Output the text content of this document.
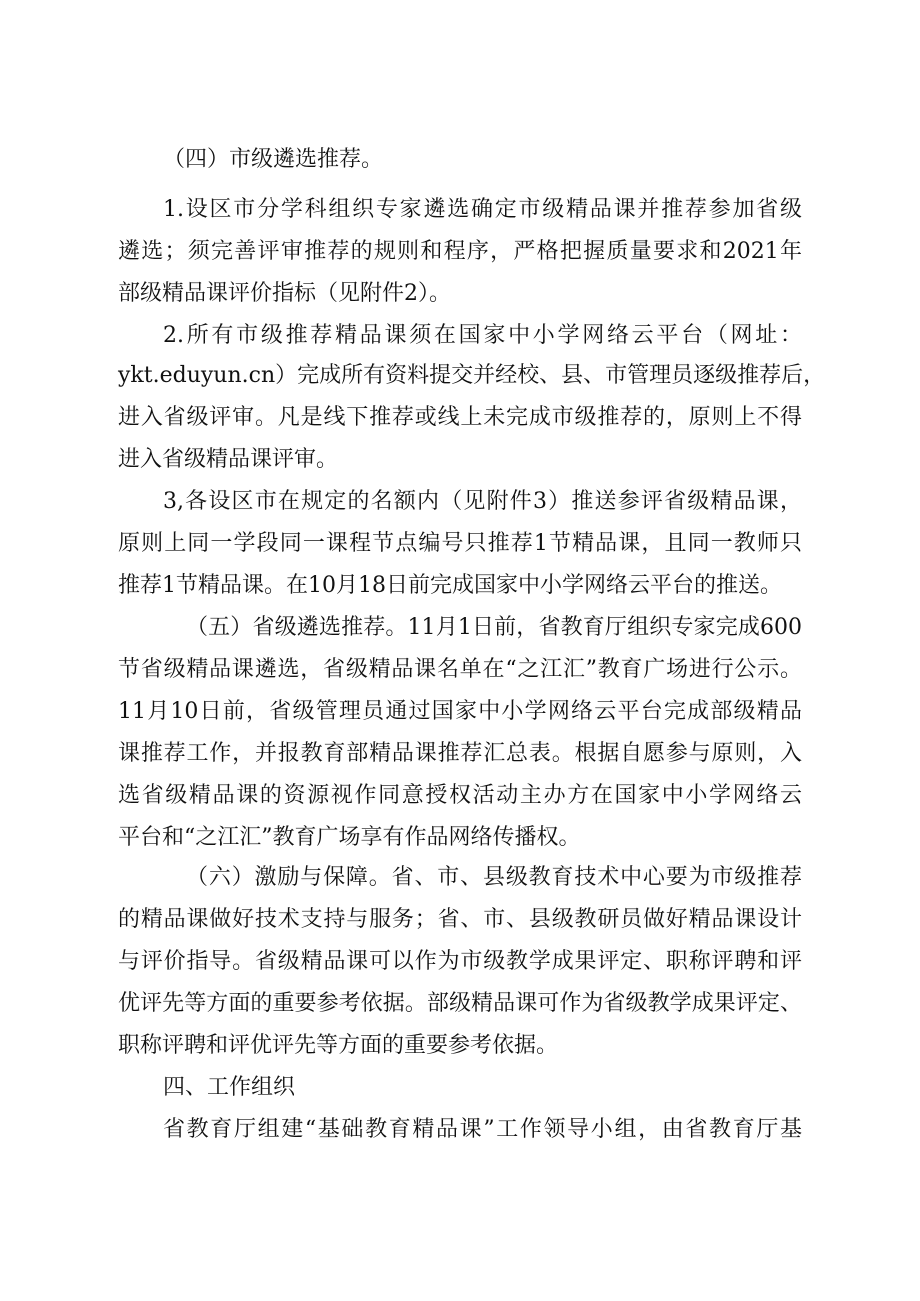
（四）市级遴选推荐。
1.设区市分学科组织专家遴选确定市级精品课并推荐参加省级
遴选；须完善评审推荐的规则和程序，严格把握质量要求和2021年
部级精品课评价指标（见附件2）。
2.所有市级推荐精品课须在国家中小学网络云平台（网址：
ykt.eduyun.cn）完成所有资料提交并经校、县、市管理员逐级推荐后，
进入省级评审。凡是线下推荐或线上未完成市级推荐的，原则上不得
进入省级精品课评审。
3,各设区市在规定的名额内（见附件3）推送参评省级精品课，
原则上同一学段同一课程节点编号只推荐1节精品课，且同一教师只
推荐1节精品课。在10月18日前完成国家中小学网络云平台的推送。
（五）省级遴选推荐。11月1日前，省教育厅组织专家完成600
节省级精品课遴选，省级精品课名单在“之江汇”教育广场进行公示。
11月10日前，省级管理员通过国家中小学网络云平台完成部级精品
课推荐工作，并报教育部精品课推荐汇总表。根据自愿参与原则，入
选省级精品课的资源视作同意授权活动主办方在国家中小学网络云
平台和“之江汇”教育广场享有作品网络传播权。
（六）激励与保障。省、市、县级教育技术中心要为市级推荐
的精品课做好技术支持与服务；省、市、县级教研员做好精品课设计
与评价指导。省级精品课可以作为市级教学成果评定、职称评聘和评
优评先等方面的重要参考依据。部级精品课可作为省级教学成果评定、
职称评聘和评优评先等方面的重要参考依据。
四、工作组织
省教育厅组建“基础教育精品课”工作领导小组，由省教育厅基
